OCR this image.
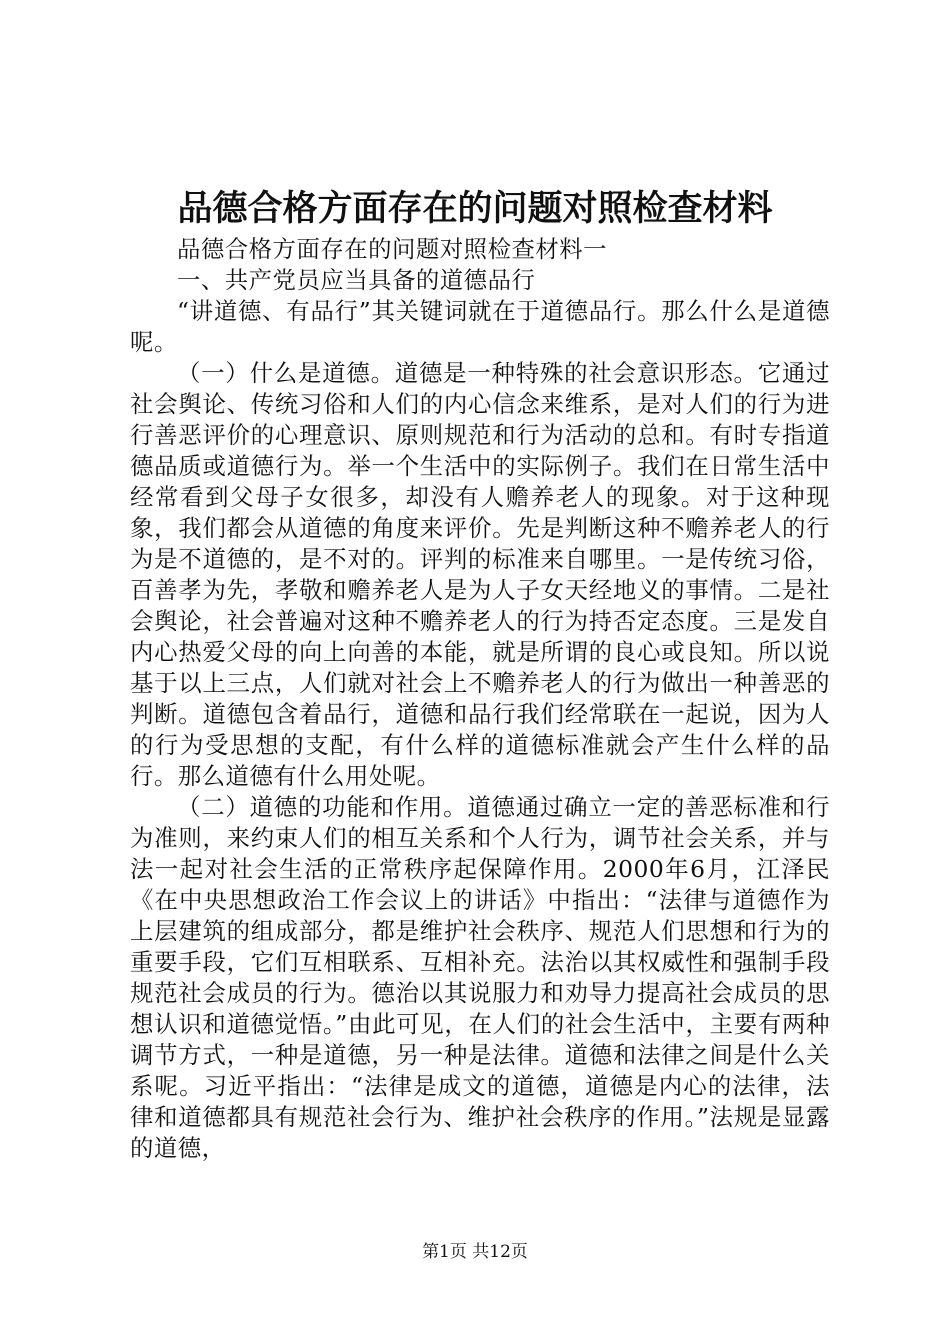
品德合格方面存在的问题对照检查材料

品德合格方面存在的问题对照检查材料一

一、共产党员应当具备的道德品行

“讲道德、有品行”其关键词就在于道德品行。那么什么是道德呢。

（一）什么是道德。道德是一种特殊的社会意识形态。它通过社会舆论、传统习俗和人们的内心信念来维系，是对人们的行为进行善恶评价的心理意识、原则规范和行为活动的总和。有时专指道德品质或道德行为。举一个生活中的实际例子。我们在日常生活中经常看到父母子女很多，却没有人赡养老人的现象。对于这种现象，我们都会从道德的角度来评价。先是判断这种不赡养老人的行为是不道德的，是不对的。评判的标准来自哪里。一是传统习俗，百善孝为先，孝敬和赡养老人是为人子女天经地义的事情。二是社会舆论，社会普遍对这种不赡养老人的行为持否定态度。三是发自内心热爱父母的向上向善的本能，就是所谓的良心或良知。所以说基于以上三点，人们就对社会上不赡养老人的行为做出一种善恶的判断。道德包含着品行，道德和品行我们经常联在一起说，因为人的行为受思想的支配，有什么样的道德标准就会产生什么样的品行。那么道德有什么用处呢。

（二）道德的功能和作用。道德通过确立一定的善恶标准和行为准则，来约束人们的相互关系和个人行为，调节社会关系，并与法一起对社会生活的正常秩序起保障作用。2000年6月，江泽民《在中央思想政治工作会议上的讲话》中指出：“法律与道德作为上层建筑的组成部分，都是维护社会秩序、规范人们思想和行为的重要手段，它们互相联系、互相补充。法治以其权威性和强制手段规范社会成员的行为。德治以其说服力和劝导力提高社会成员的思想认识和道德觉悟。”由此可见，在人们的社会生活中，主要有两种调节方式，一种是道德，另一种是法律。道德和法律之间是什么关系呢。习近平指出：“法律是成文的道德，道德是内心的法律，法律和道德都具有规范社会行为、维护社会秩序的作用。”法规是显露的道德，

第1页 共12页
